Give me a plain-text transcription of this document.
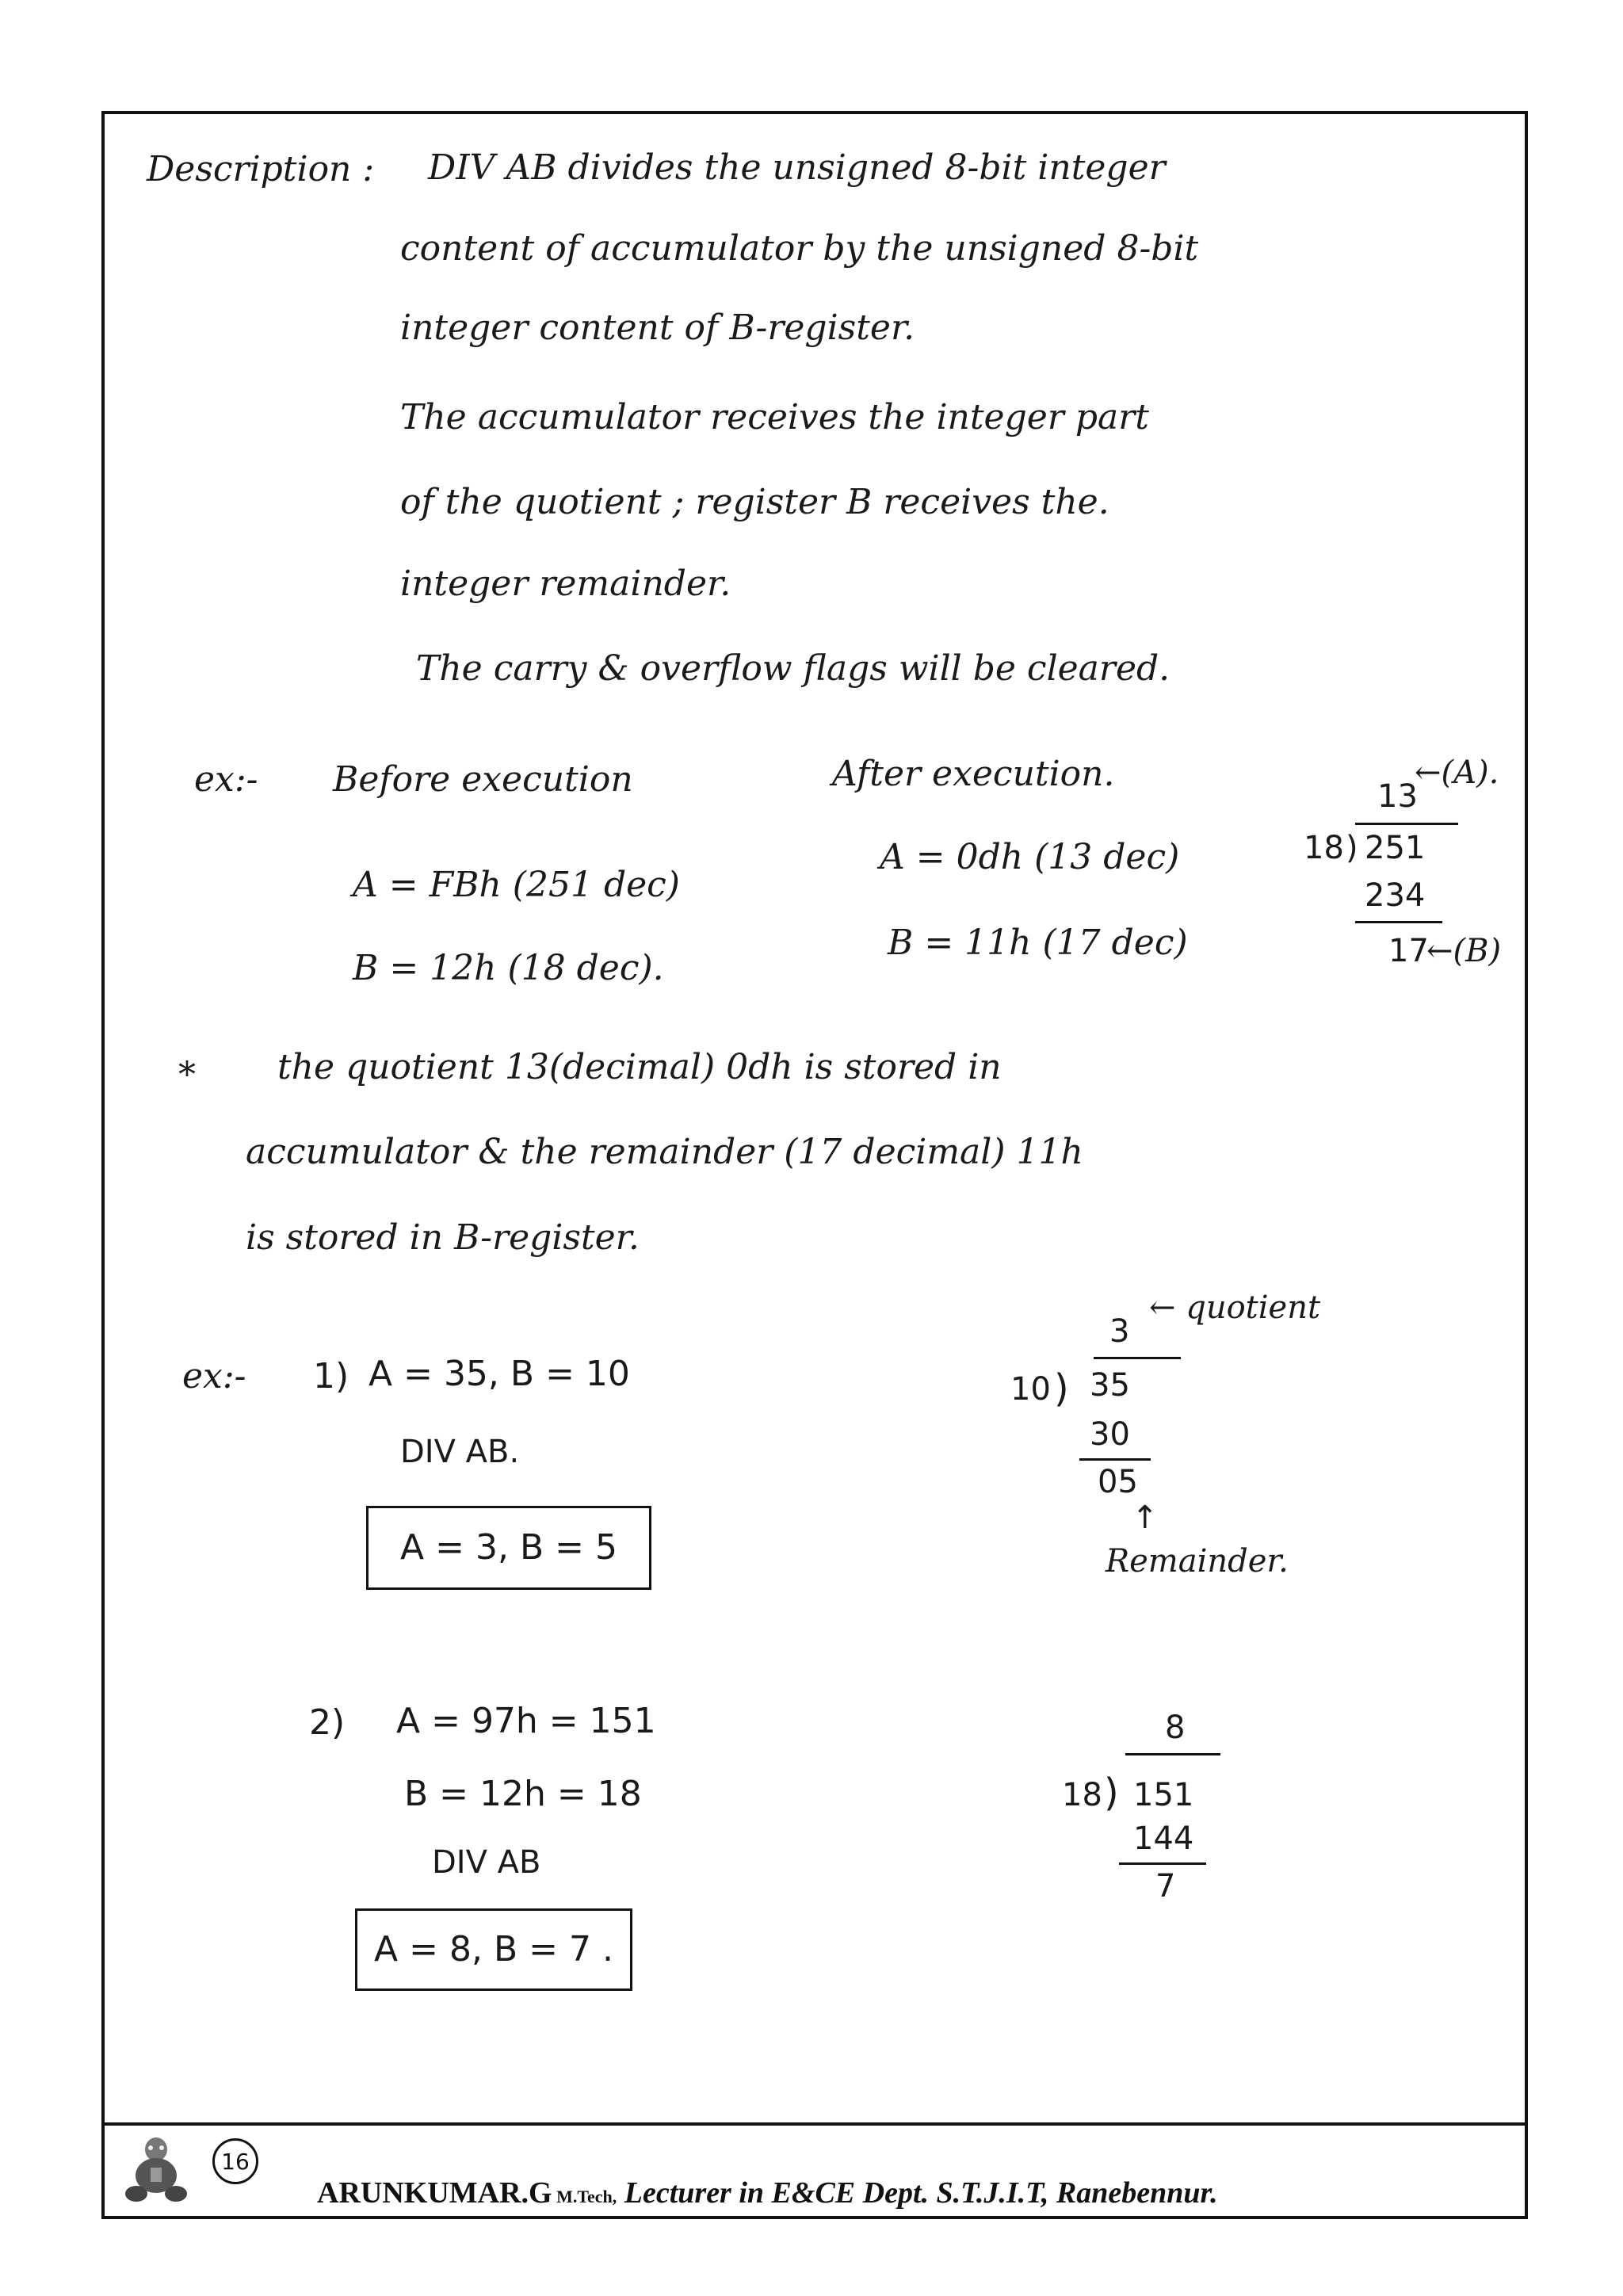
Description : DIV AB divides the unsigned 8-bit integer
content of accumulator by the unsigned 8-bit
integer content of B-register.
The accumulator receives the integer part
of the quotient ; register B receives the.
integer remainder.
The carry & overflow flags will be cleared.
ex:- Before execution	After execution.
A = FBh (251 dec)
B = 12h (18 dec).
A = 0dh (13 dec)
B = 11h (17 dec)
13
←(A).
18 ) 251
234
17
←(B)
* the quotient 13(decimal) 0dh is stored in
accumulator & the remainder (17 decimal) 11h
is stored in B-register.
ex:- 1) A = 35, B = 10
DIV AB.
A = 3, B = 5
3
← quotient
10 ) 35
30
05
↑
Remainder.
2) A = 97h = 151
B = 12h = 18
DIV AB
A = 8, B = 7 .
8
18 ) 151
144
7
16
ARUNKUMAR.G M.Tech, Lecturer in E&CE Dept. S.T.J.I.T, Ranebennur.
